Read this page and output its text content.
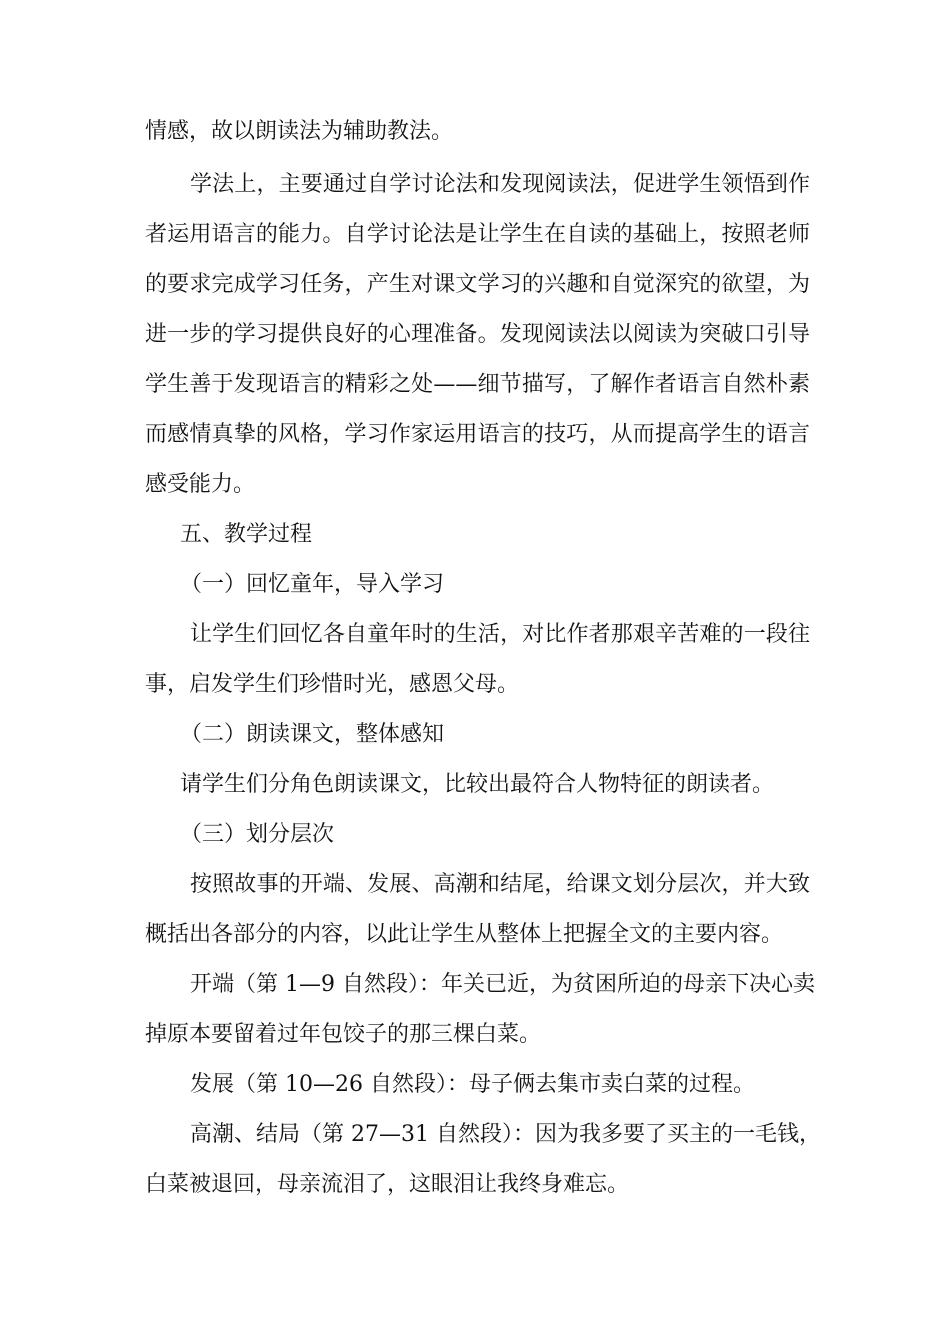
情感，故以朗读法为辅助教法。
学法上，主要通过自学讨论法和发现阅读法，促进学生领悟到作
者运用语言的能力。自学讨论法是让学生在自读的基础上，按照老师
的要求完成学习任务，产生对课文学习的兴趣和自觉深究的欲望，为
进一步的学习提供良好的心理准备。发现阅读法以阅读为突破口引导
学生善于发现语言的精彩之处——细节描写，了解作者语言自然朴素
而感情真挚的风格，学习作家运用语言的技巧，从而提高学生的语言
感受能力。
五、教学过程
（一）回忆童年，导入学习
让学生们回忆各自童年时的生活，对比作者那艰辛苦难的一段往
事，启发学生们珍惜时光，感恩父母。
（二）朗读课文，整体感知
请学生们分角色朗读课文，比较出最符合人物特征的朗读者。
（三）划分层次
按照故事的开端、发展、高潮和结尾，给课文划分层次，并大致
概括出各部分的内容，以此让学生从整体上把握全文的主要内容。
开端（第 1—9 自然段）：年关已近，为贫困所迫的母亲下决心卖
掉原本要留着过年包饺子的那三棵白菜。
发展（第 10—26 自然段）：母子俩去集市卖白菜的过程。
高潮、结局（第 27—31 自然段）：因为我多要了买主的一毛钱，
白菜被退回，母亲流泪了，这眼泪让我终身难忘。
